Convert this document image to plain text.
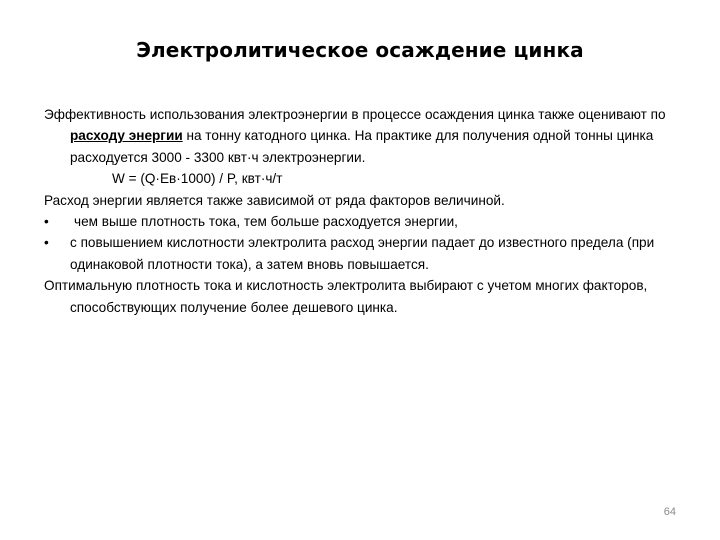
Электролитическое осаждение цинка

Эффективность использования электроэнергии в процессе осаждения цинка также оценивают по расходу энергии на тонну катодного цинка. На практике для получения одной тонны цинка расходуется 3000 - 3300 квт·ч электроэнергии.

W = (Q·Eв·1000) / P, квт·ч/т

Расход энергии является также зависимой от ряда факторов величиной.

• чем выше плотность тока, тем больше расходуется энергии,
• с повышением кислотности электролита расход энергии падает до известного предела (при одинаковой плотности тока), а затем вновь повышается.

Оптимальную плотность тока и кислотность электролита выбирают с учетом многих факторов, способствующих получение более дешевого цинка.

64
